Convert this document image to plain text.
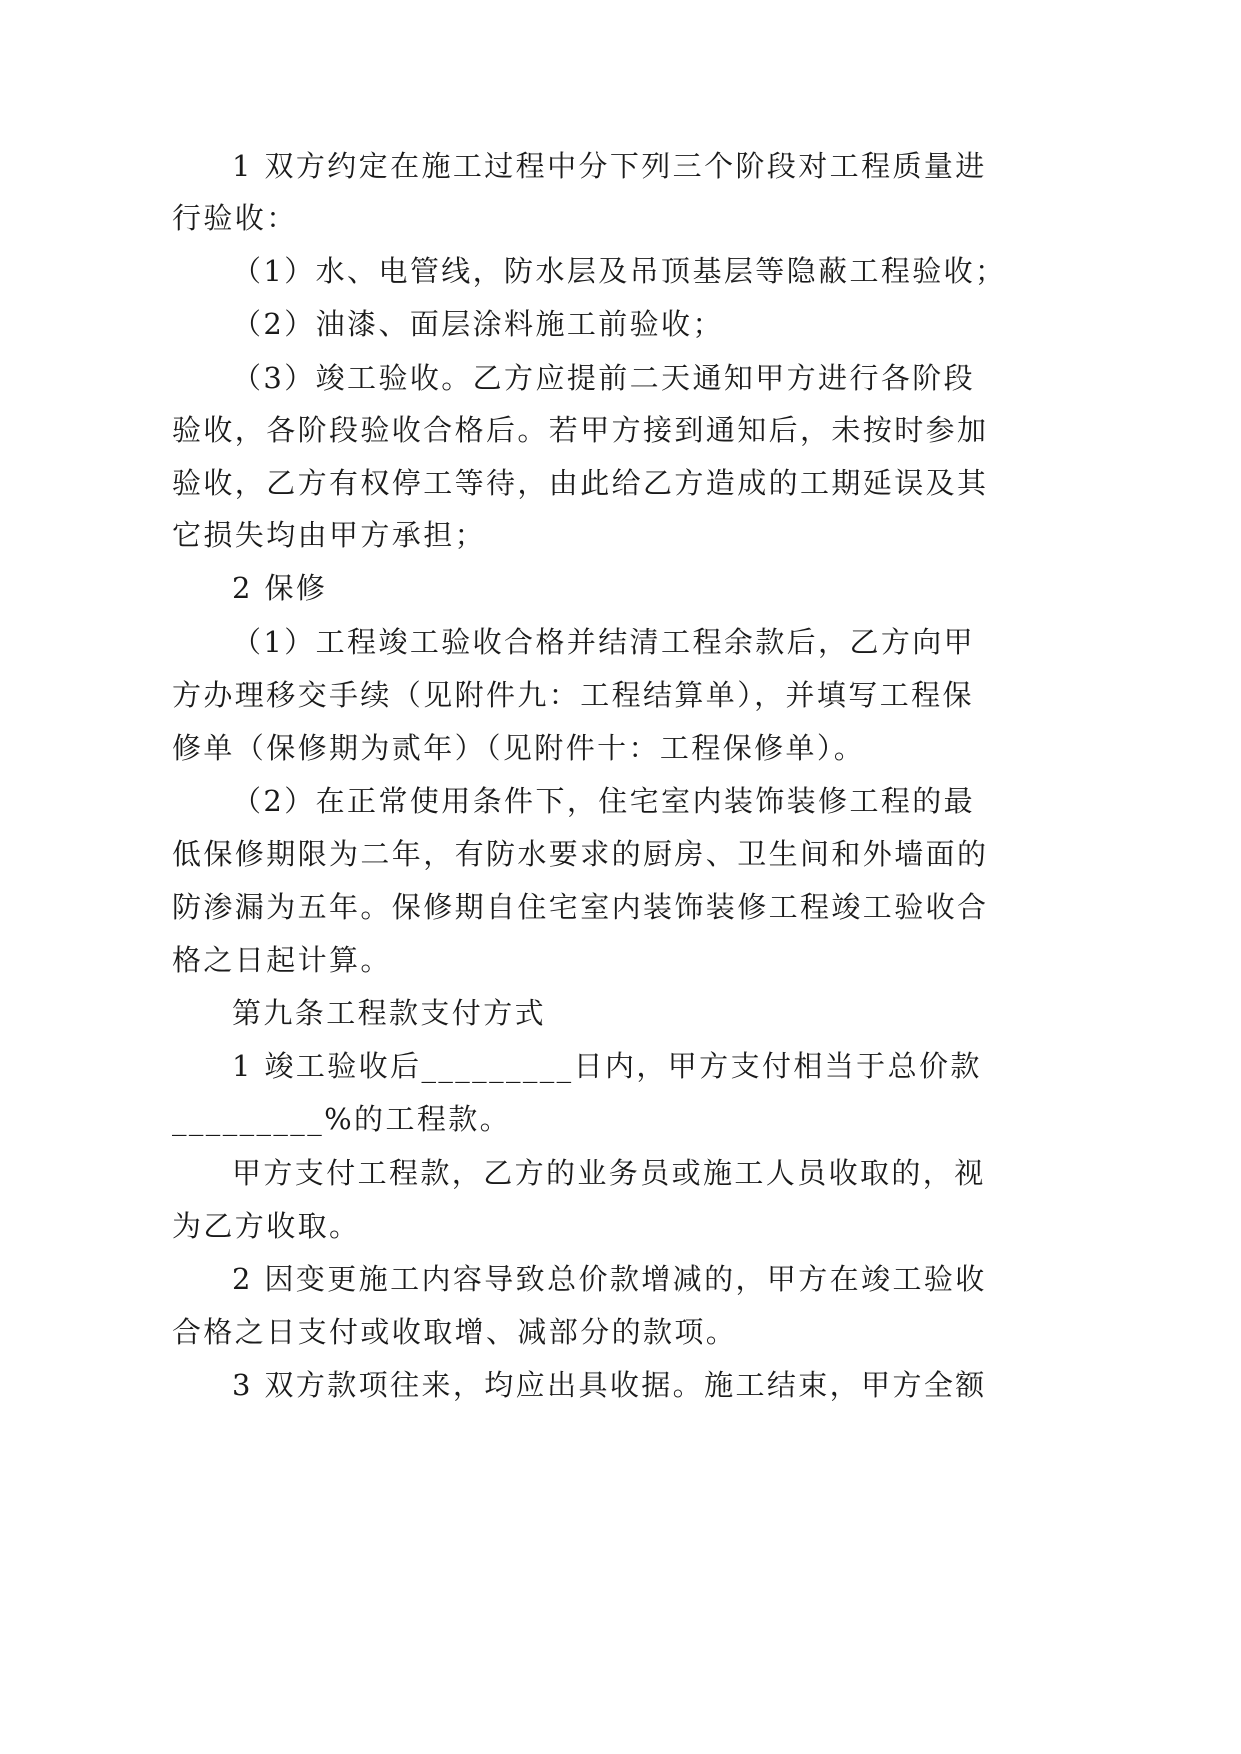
1 双方约定在施工过程中分下列三个阶段对工程质量进
行验收：
（1）水、电管线，防水层及吊顶基层等隐蔽工程验收；
（2）油漆、面层涂料施工前验收；
（3）竣工验收。乙方应提前二天通知甲方进行各阶段
验收，各阶段验收合格后。若甲方接到通知后，未按时参加
验收，乙方有权停工等待，由此给乙方造成的工期延误及其
它损失均由甲方承担；
2 保修
（1）工程竣工验收合格并结清工程余款后，乙方向甲
方办理移交手续（见附件九：工程结算单），并填写工程保
修单（保修期为贰年）（见附件十：工程保修单）。
（2）在正常使用条件下，住宅室内装饰装修工程的最
低保修期限为二年，有防水要求的厨房、卫生间和外墙面的
防渗漏为五年。保修期自住宅室内装饰装修工程竣工验收合
格之日起计算。
第九条工程款支付方式
1 竣工验收后_________日内，甲方支付相当于总价款
_________%的工程款。
甲方支付工程款，乙方的业务员或施工人员收取的，视
为乙方收取。
2 因变更施工内容导致总价款增减的，甲方在竣工验收
合格之日支付或收取增、减部分的款项。
3 双方款项往来，均应出具收据。施工结束，甲方全额
